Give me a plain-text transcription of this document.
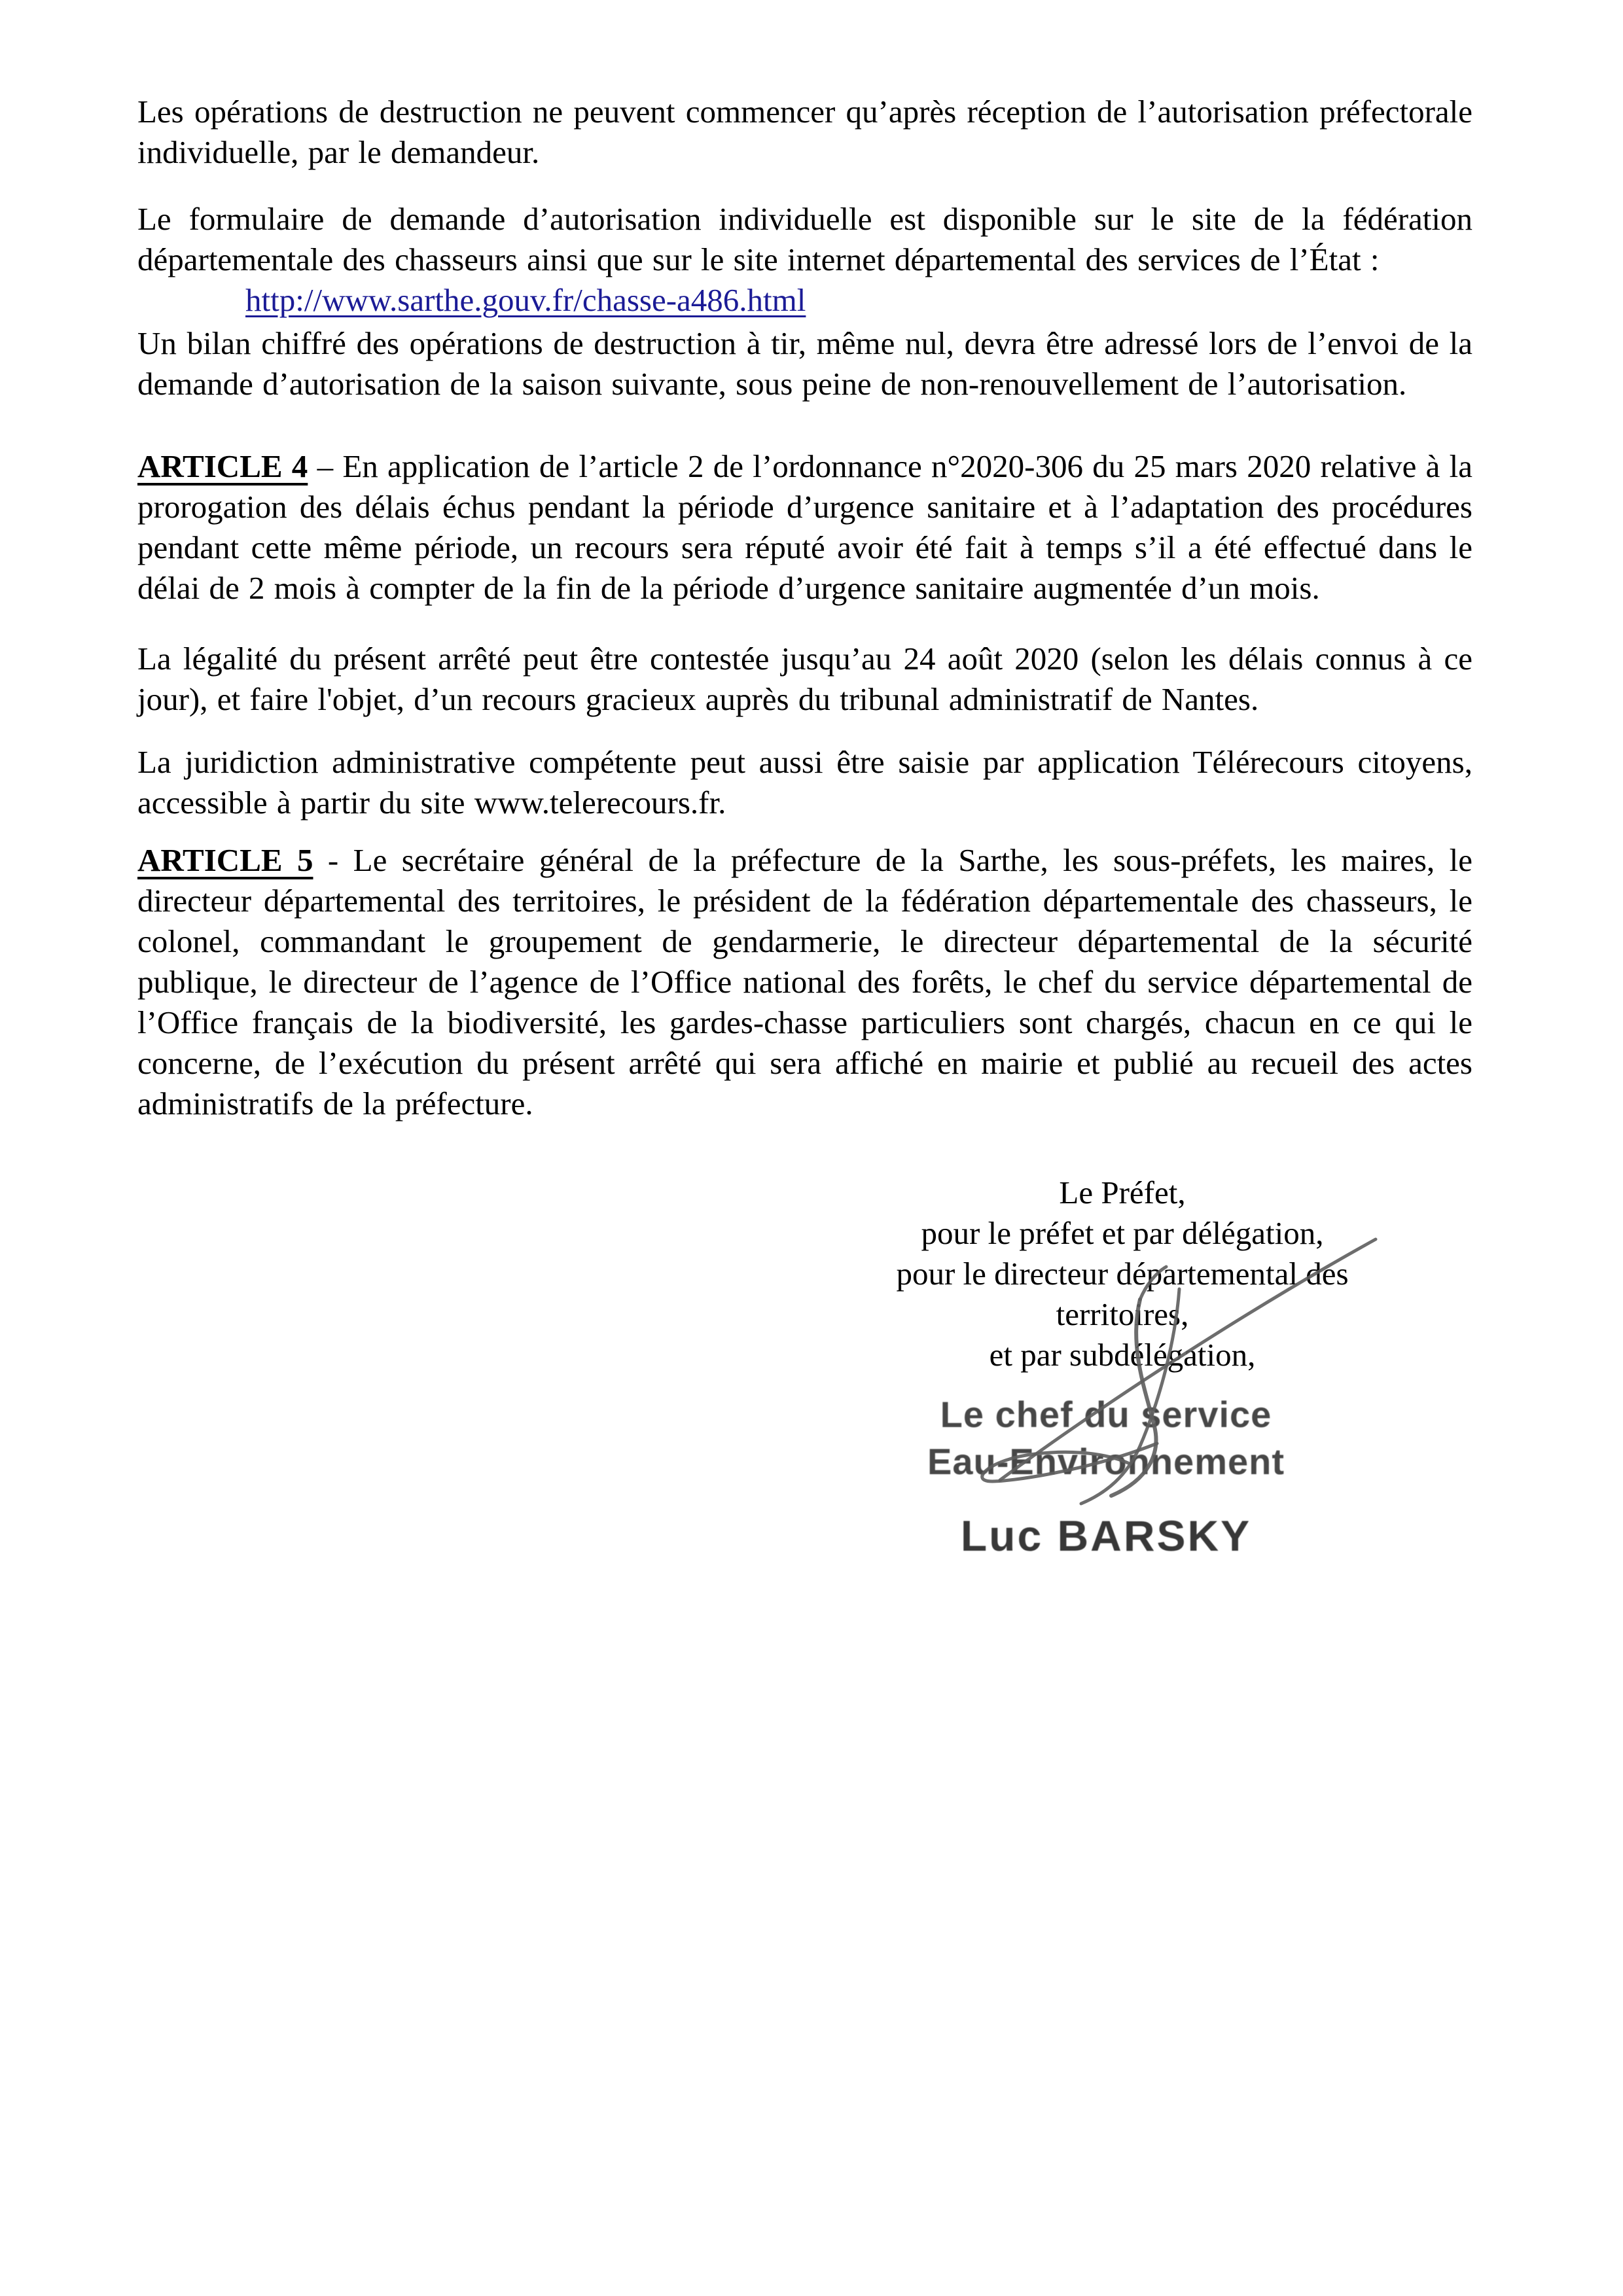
Les opérations de destruction ne peuvent commencer qu’après réception de l’autorisation préfectorale individuelle, par le demandeur.

Le formulaire de demande d’autorisation individuelle est disponible sur le site de la fédération départementale des chasseurs ainsi que sur le site internet départemental des services de l’État :

http://www.sarthe.gouv.fr/chasse-a486.html

Un bilan chiffré des opérations de destruction à tir, même nul, devra être adressé lors de l’envoi de la demande d’autorisation de la saison suivante, sous peine de non-renouvellement de l’autorisation.

ARTICLE 4 – En application de l’article 2 de l’ordonnance n°2020-306 du 25 mars 2020 relative à la prorogation des délais échus pendant la période d’urgence sanitaire et à l’adaptation des procédures pendant cette même période, un recours sera réputé avoir été fait à temps s’il a été effectué dans le délai de 2 mois à compter de la fin de la période d’urgence sanitaire augmentée d’un mois.

La légalité du présent arrêté peut être contestée jusqu’au 24 août 2020 (selon les délais connus à ce jour), et faire l'objet, d’un recours gracieux auprès du tribunal administratif de Nantes.

La juridiction administrative compétente peut aussi être saisie par application Télérecours citoyens, accessible à partir du site www.telerecours.fr.

ARTICLE 5 - Le secrétaire général de la préfecture de la Sarthe, les sous-préfets, les maires, le directeur départemental des territoires, le président de la fédération départementale des chasseurs, le colonel, commandant le groupement de gendarmerie, le directeur départemental de la sécurité publique, le directeur de l’agence de l’Office national des forêts, le chef du service départemental de l’Office français de la biodiversité, les gardes-chasse particuliers sont chargés, chacun en ce qui le concerne, de l’exécution du présent arrêté qui sera affiché en mairie et publié au recueil des actes administratifs de la préfecture.

Le Préfet,
pour le préfet et par délégation,
pour le directeur départemental des territoires,
et par subdélégation,
Le chef du service
Eau-Environnement
Luc BARSKY
